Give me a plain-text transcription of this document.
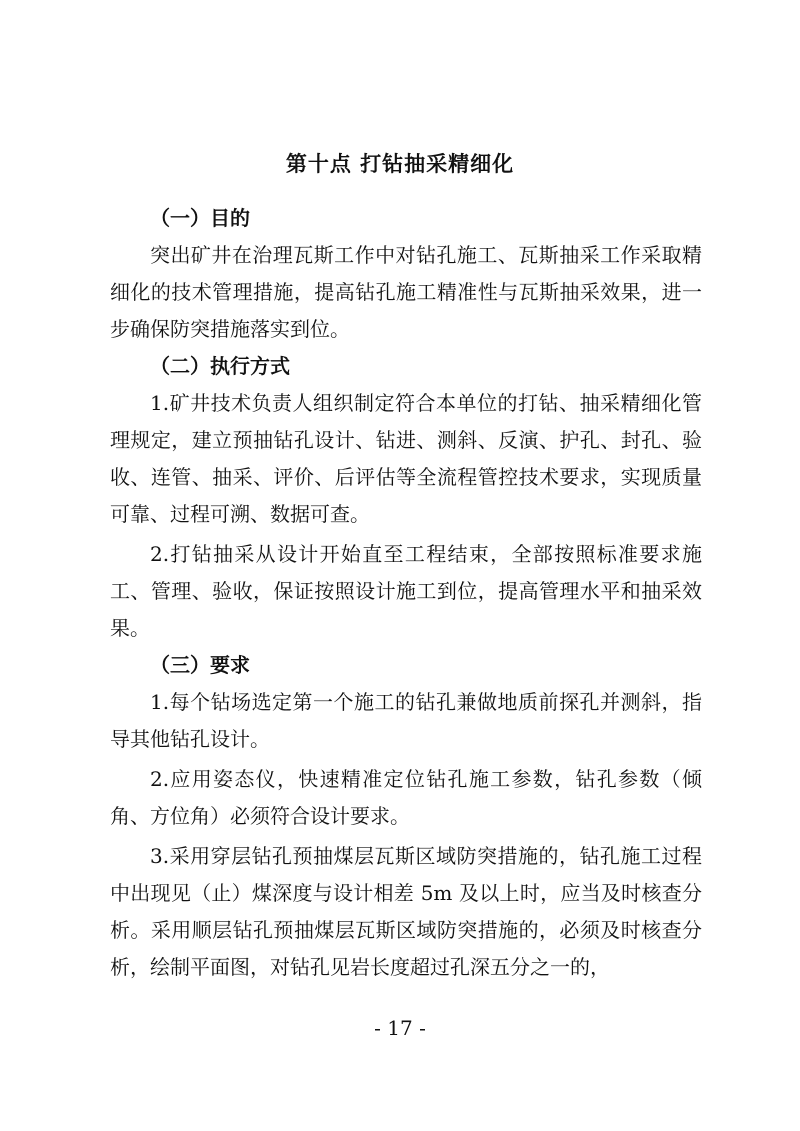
第十点 打钻抽采精细化
（一）目的

突出矿井在治理瓦斯工作中对钻孔施工、瓦斯抽采工作采取精细化的技术管理措施，提高钻孔施工精准性与瓦斯抽采效果，进一步确保防突措施落实到位。

（二）执行方式

1.矿井技术负责人组织制定符合本单位的打钻、抽采精细化管理规定，建立预抽钻孔设计、钻进、测斜、反演、护孔、封孔、验收、连管、抽采、评价、后评估等全流程管控技术要求，实现质量可靠、过程可溯、数据可查。

2.打钻抽采从设计开始直至工程结束，全部按照标准要求施工、管理、验收，保证按照设计施工到位，提高管理水平和抽采效果。

（三）要求

1.每个钻场选定第一个施工的钻孔兼做地质前探孔并测斜，指导其他钻孔设计。

2.应用姿态仪，快速精准定位钻孔施工参数，钻孔参数（倾角、方位角）必须符合设计要求。

3.采用穿层钻孔预抽煤层瓦斯区域防突措施的，钻孔施工过程中出现见（止）煤深度与设计相差 5m 及以上时，应当及时核查分析。采用顺层钻孔预抽煤层瓦斯区域防突措施的，必须及时核查分析，绘制平面图，对钻孔见岩长度超过孔深五分之一的，

- 17 -
